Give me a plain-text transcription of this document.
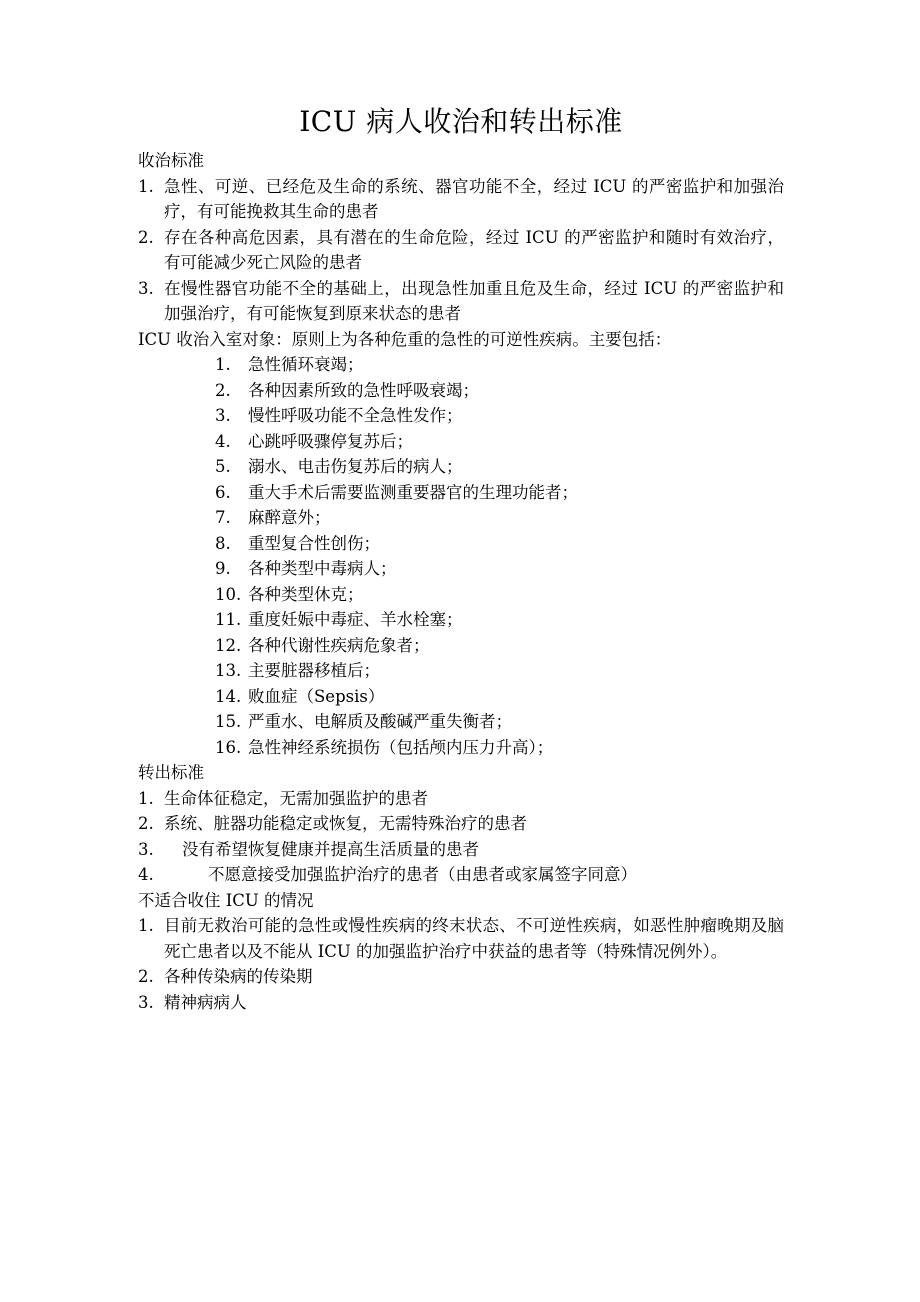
ICU 病人收治和转出标准
收治标准
1. 急性、可逆、已经危及生命的系统、器官功能不全，经过 ICU 的严密监护和加强治疗，有可能挽救其生命的患者
2. 存在各种高危因素，具有潜在的生命危险，经过 ICU 的严密监护和随时有效治疗，有可能减少死亡风险的患者
3. 在慢性器官功能不全的基础上，出现急性加重且危及生命，经过 ICU 的严密监护和加强治疗，有可能恢复到原来状态的患者
ICU 收治入室对象：原则上为各种危重的急性的可逆性疾病。主要包括：
1.	急性循环衰竭；
2.	各种因素所致的急性呼吸衰竭；
3.	慢性呼吸功能不全急性发作；
4.	心跳呼吸骤停复苏后；
5.	溺水、电击伤复苏后的病人；
6.	重大手术后需要监测重要器官的生理功能者；
7.	麻醉意外；
8.	重型复合性创伤；
9.	各种类型中毒病人；
10. 各种类型休克；
11. 重度妊娠中毒症、羊水栓塞；
12. 各种代谢性疾病危象者；
13. 主要脏器移植后；
14. 败血症（Sepsis）
15. 严重水、电解质及酸碱严重失衡者；
16. 急性神经系统损伤（包括颅内压力升高）；
转出标准
1. 生命体征稳定，无需加强监护的患者
2. 系统、脏器功能稳定或恢复，无需特殊治疗的患者
3.	没有希望恢复健康并提高生活质量的患者
4.	不愿意接受加强监护治疗的患者（由患者或家属签字同意）
不适合收住 ICU 的情况
1. 目前无救治可能的急性或慢性疾病的终末状态、不可逆性疾病，如恶性肿瘤晚期及脑死亡患者以及不能从 ICU 的加强监护治疗中获益的患者等（特殊情况例外）。
2. 各种传染病的传染期
3. 精神病病人
